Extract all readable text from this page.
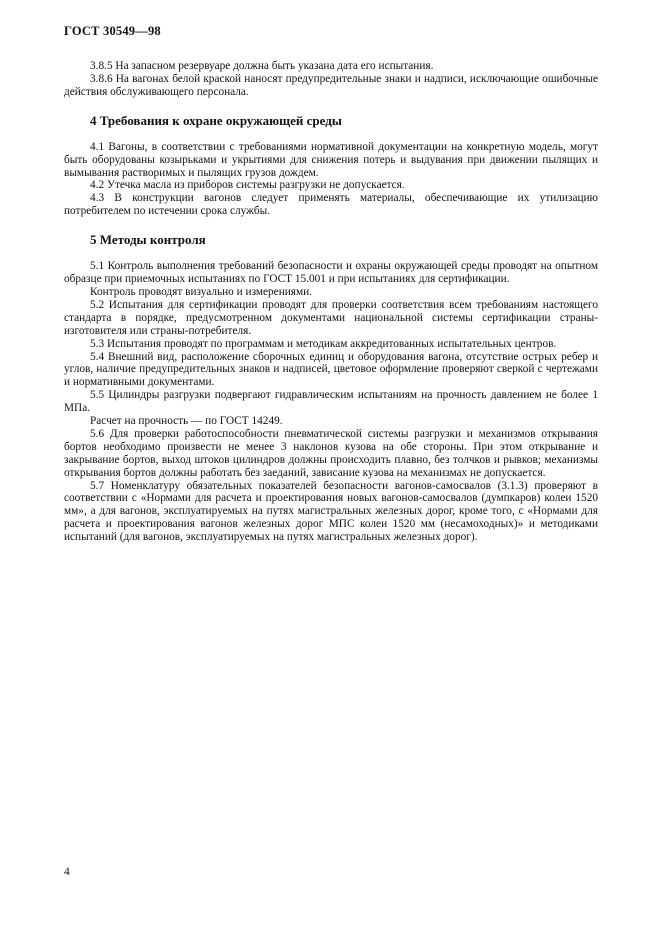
ГОСТ 30549—98

3.8.5 На запасном резервуаре должна быть указана дата его испытания.

3.8.6 На вагонах белой краской наносят предупредительные знаки и надписи, исключающие ошибочные действия обслуживающего персонала.

4 Требования к охране окружающей среды

4.1 Вагоны, в соответствии с требованиями нормативной документации на конкретную модель, могут быть оборудованы козырьками и укрытиями для снижения потерь и выдувания при движении пылящих и вымывания растворимых и пылящих грузов дождем.

4.2 Утечка масла из приборов системы разгрузки не допускается.

4.3 В конструкции вагонов следует применять материалы, обеспечивающие их утилизацию потребителем по истечении срока службы.

5 Методы контроля

5.1 Контроль выполнения требований безопасности и охраны окружающей среды проводят на опытном образце при приемочных испытаниях по ГОСТ 15.001 и при испытаниях для сертификации.

Контроль проводят визуально и измерениями.

5.2 Испытания для сертификации проводят для проверки соответствия всем требованиям настоящего стандарта в порядке, предусмотренном документами национальной системы сертификации страны-изготовителя или страны-потребителя.

5.3 Испытания проводят по программам и методикам аккредитованных испытательных центров.

5.4 Внешний вид, расположение сборочных единиц и оборудования вагона, отсутствие острых ребер и углов, наличие предупредительных знаков и надписей, цветовое оформление проверяют сверкой с чертежами и нормативными документами.

5.5 Цилиндры разгрузки подвергают гидравлическим испытаниям на прочность давлением не более 1 МПа.

Расчет на прочность — по ГОСТ 14249.

5.6 Для проверки работоспособности пневматической системы разгрузки и механизмов открывания бортов необходимо произвести не менее 3 наклонов кузова на обе стороны. При этом открывание и закрывание бортов, выход штоков цилиндров должны происходить плавно, без толчков и рывков; механизмы открывания бортов должны работать без заеданий, зависание кузова на механизмах не допускается.

5.7 Номенклатуру обязательных показателей безопасности вагонов-самосвалов (3.1.3) проверяют в соответствии с «Нормами для расчета и проектирования новых вагонов-самосвалов (думпкаров) колеи 1520 мм», а для вагонов, эксплуатируемых на путях магистральных железных дорог, кроме того, с «Нормами для расчета и проектирования вагонов железных дорог МПС колеи 1520 мм (несамоходных)» и методиками испытаний (для вагонов, эксплуатируемых на путях магистральных железных дорог).

4
